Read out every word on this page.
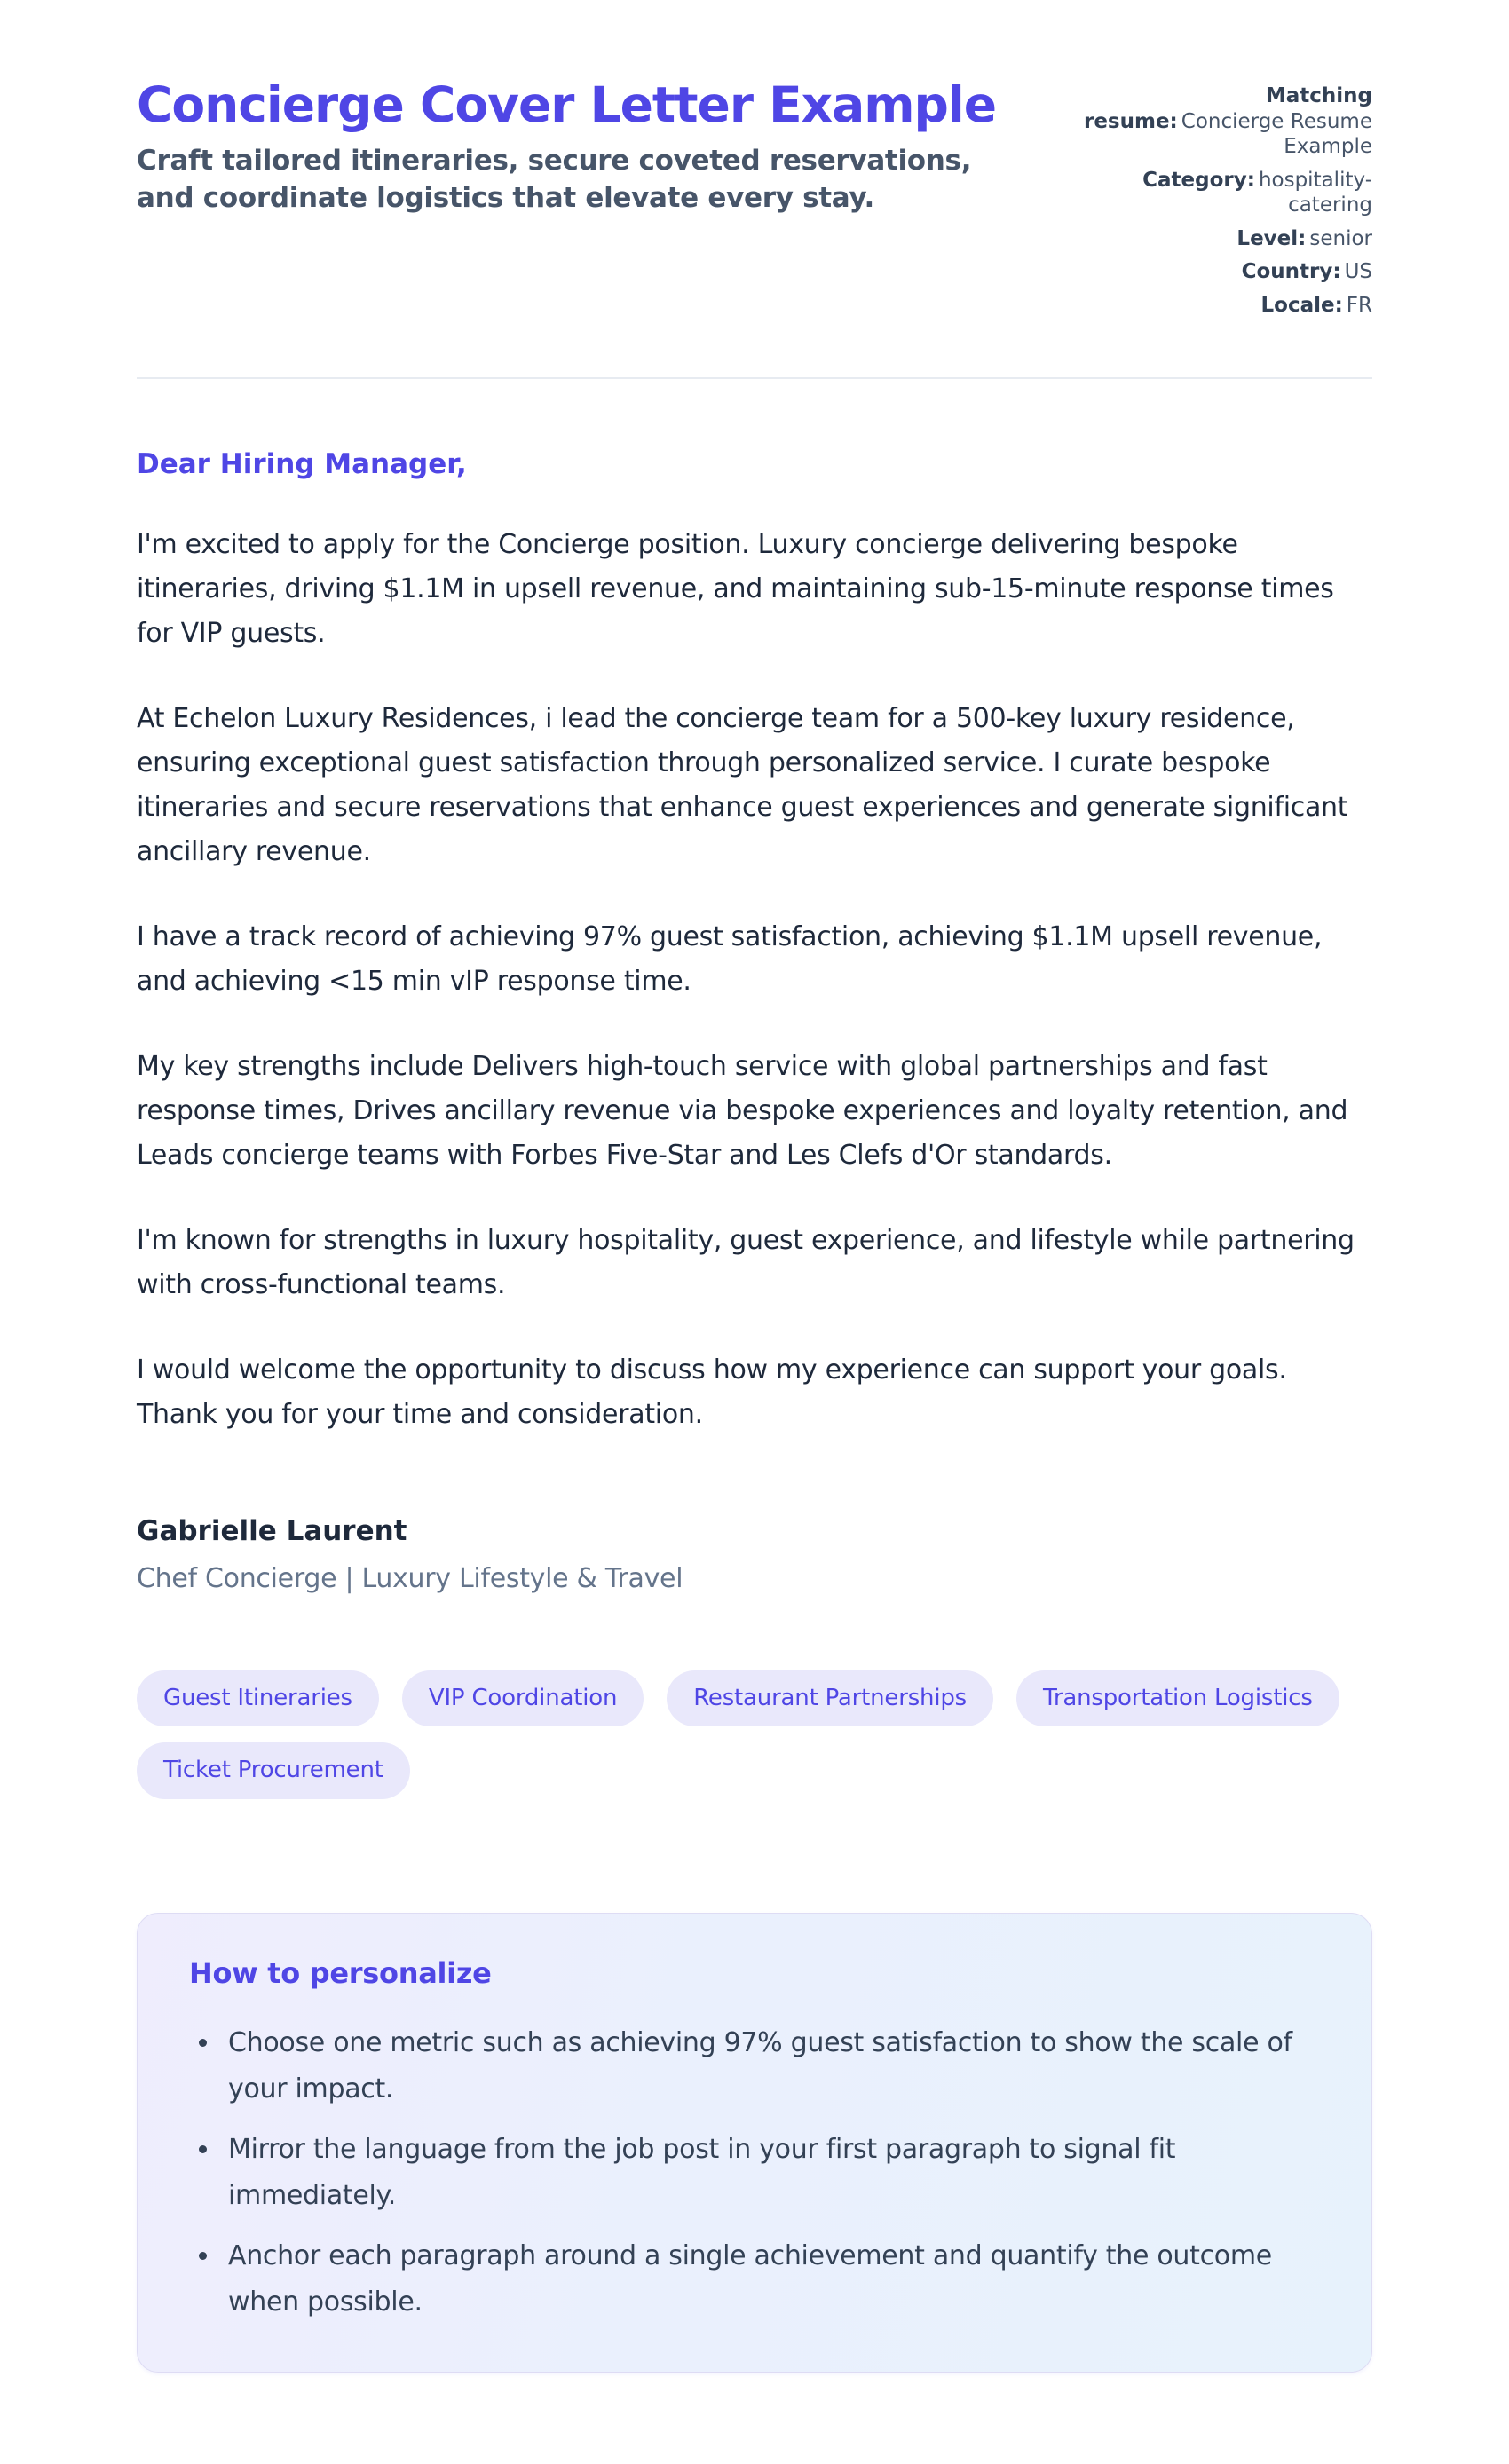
Concierge Cover Letter Example

Craft tailored itineraries, secure coveted reservations, and coordinate logistics that elevate every stay.

Matching resume: Concierge Resume Example
Category: hospitality-catering
Level: senior
Country: US
Locale: FR

Dear Hiring Manager,

I'm excited to apply for the Concierge position. Luxury concierge delivering bespoke itineraries, driving $1.1M in upsell revenue, and maintaining sub-15-minute response times for VIP guests.

At Echelon Luxury Residences, i lead the concierge team for a 500-key luxury residence, ensuring exceptional guest satisfaction through personalized service. I curate bespoke itineraries and secure reservations that enhance guest experiences and generate significant ancillary revenue.

I have a track record of achieving 97% guest satisfaction, achieving $1.1M upsell revenue, and achieving <15 min vIP response time.

My key strengths include Delivers high-touch service with global partnerships and fast response times, Drives ancillary revenue via bespoke experiences and loyalty retention, and Leads concierge teams with Forbes Five-Star and Les Clefs d'Or standards.

I'm known for strengths in luxury hospitality, guest experience, and lifestyle while partnering with cross-functional teams.

I would welcome the opportunity to discuss how my experience can support your goals. Thank you for your time and consideration.

Gabrielle Laurent
Chef Concierge | Luxury Lifestyle & Travel
Guest Itineraries	VIP Coordination	Restaurant Partnerships	Transportation Logistics
Ticket Procurement
How to personalize
• Choose one metric such as achieving 97% guest satisfaction to show the scale of your impact.
• Mirror the language from the job post in your first paragraph to signal fit immediately.
• Anchor each paragraph around a single achievement and quantify the outcome when possible.
